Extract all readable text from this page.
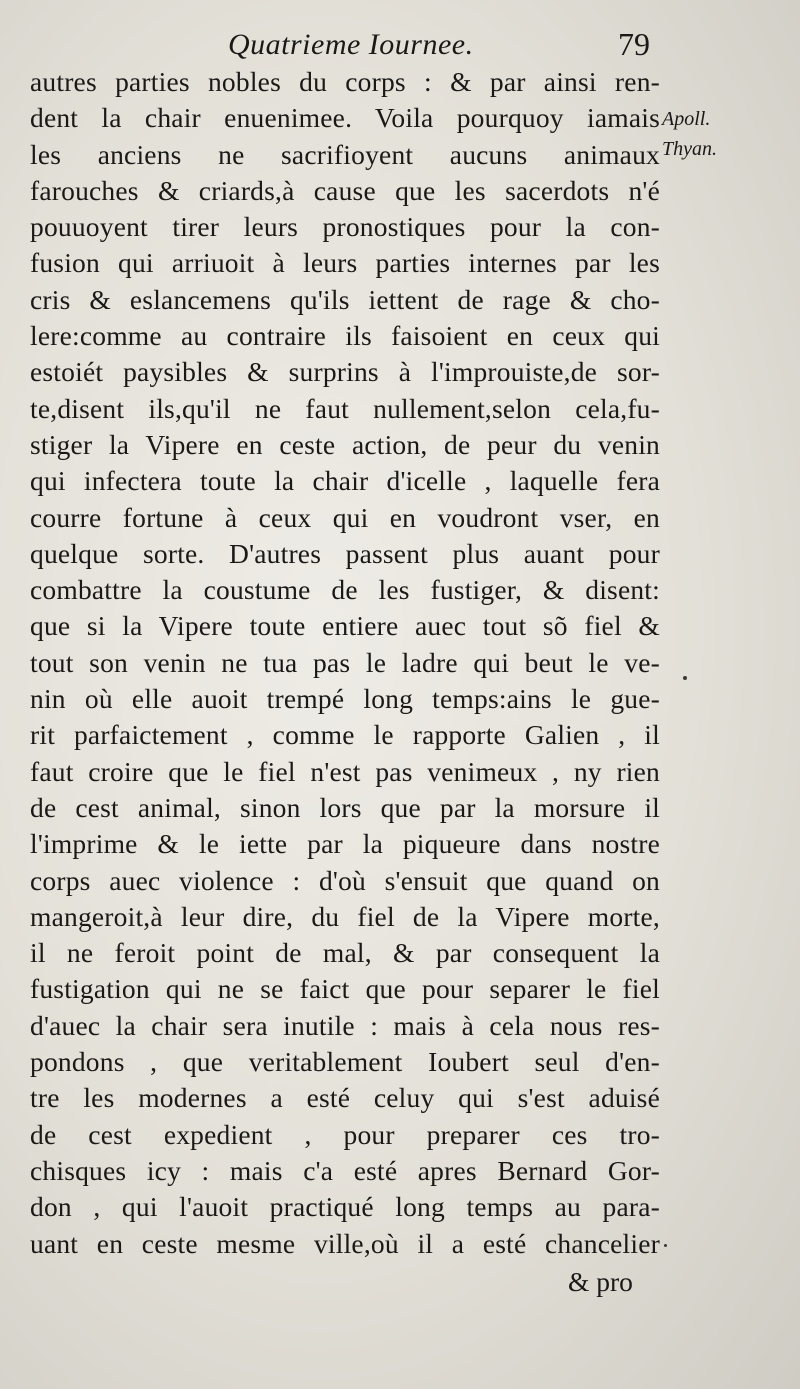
Quatrieme Iournee.	79
Apoll.
Thyan.
autres parties nobles du corps : & par ainsi ren-
dent la chair enuenimee. Voila pourquoy iamais
les anciens ne sacrifioyent aucuns animaux
farouches & criards,à cause que les sacerdots n'é
pouuoyent tirer leurs pronostiques pour la con-
fusion qui arriuoit à leurs parties internes par les
cris & eslancemens qu'ils iettent de rage & cho-
lere:comme au contraire ils faisoient en ceux qui
estoiét paysibles & surprins à l'improuiste,de sor-
te,disent ils,qu'il ne faut nullement,selon cela,fu-
stiger la Vipere en ceste action, de peur du venin
qui infectera toute la chair d'icelle , laquelle fera
courre fortune à ceux qui en voudront vser, en
quelque sorte. D'autres passent plus auant pour
combattre la coustume de les fustiger, & disent:
que si la Vipere toute entiere auec tout sõ fiel &
tout son venin ne tua pas le ladre qui beut le ve-
nin où elle auoit trempé long temps:ains le gue-
rit parfaictement , comme le rapporte Galien , il
faut croire que le fiel n'est pas venimeux , ny rien
de cest animal, sinon lors que par la morsure il
l'imprime & le iette par la piqueure dans nostre
corps auec violence : d'où s'ensuit que quand on
mangeroit,à leur dire, du fiel de la Vipere morte,
il ne feroit point de mal, & par consequent la
fustigation qui ne se faict que pour separer le fiel
d'auec la chair sera inutile : mais à cela nous res-
pondons , que veritablement Ioubert seul d'en-
tre les modernes a esté celuy qui s'est aduisé
de cest expedient , pour preparer ces tro-
chisques icy : mais c'a esté apres Bernard Gor-
don , qui l'auoit practiqué long temps au para-
uant en ceste mesme ville,où il a esté chancelier
& pro
